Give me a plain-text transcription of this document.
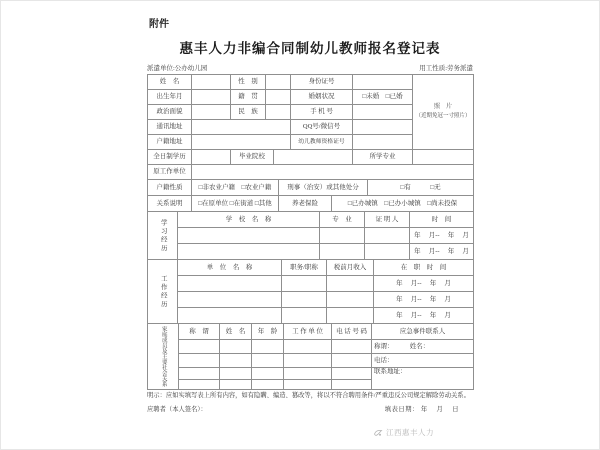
附件
惠丰人力非编合同制幼儿教师报名登记表
派遣单位:公办幼儿园	用工性质:劳务派遣
姓　名		性　别		身份证号		照　片
（近期免冠一寸照片）

出生年月		籍　贯		婚姻状况	□未婚　□已婚	
政治面貌		民　族		手 机 号		
通讯地址				QQ号/微信号		
户籍地址				幼儿教师资格证号		
全日制学历		毕业院校		所学专业	
原工作单位	
户籍性质	□非农业户籍　□农业户籍	刑事（治安）或其他处分	□有　　　□无
关系说明	□在原单位 □在街道 □其他	养老保险	□已办城镇　□已办小城镇　□尚未投保
学习经历	学　校　名　称	专　业	证 明 人	时　间
				年　 月--　 年　 月
				年　 月--　 年　 月
工作经历	单　位　名　称	职务/职称	税前月收入	在　职　时　间
				年　 月--　 年　 月
				年　 月--　 年　 月
				年　 月--　 年　 月
家庭成员及主要社会关系	称　谓	姓　名	年　龄	工 作 单 位	电 话 号 码	应急事件联系人
						称谓：　　　姓名：
						电话：
						联系地址：

明示：应如实填写表上所有内容，如有隐瞒、编造、篡改等，将以不符合聘用条件/严重违反公司规定解除劳动关系。
应聘者（本人签名）：	填表日期： 年　 月　 日
江西惠丰人力
